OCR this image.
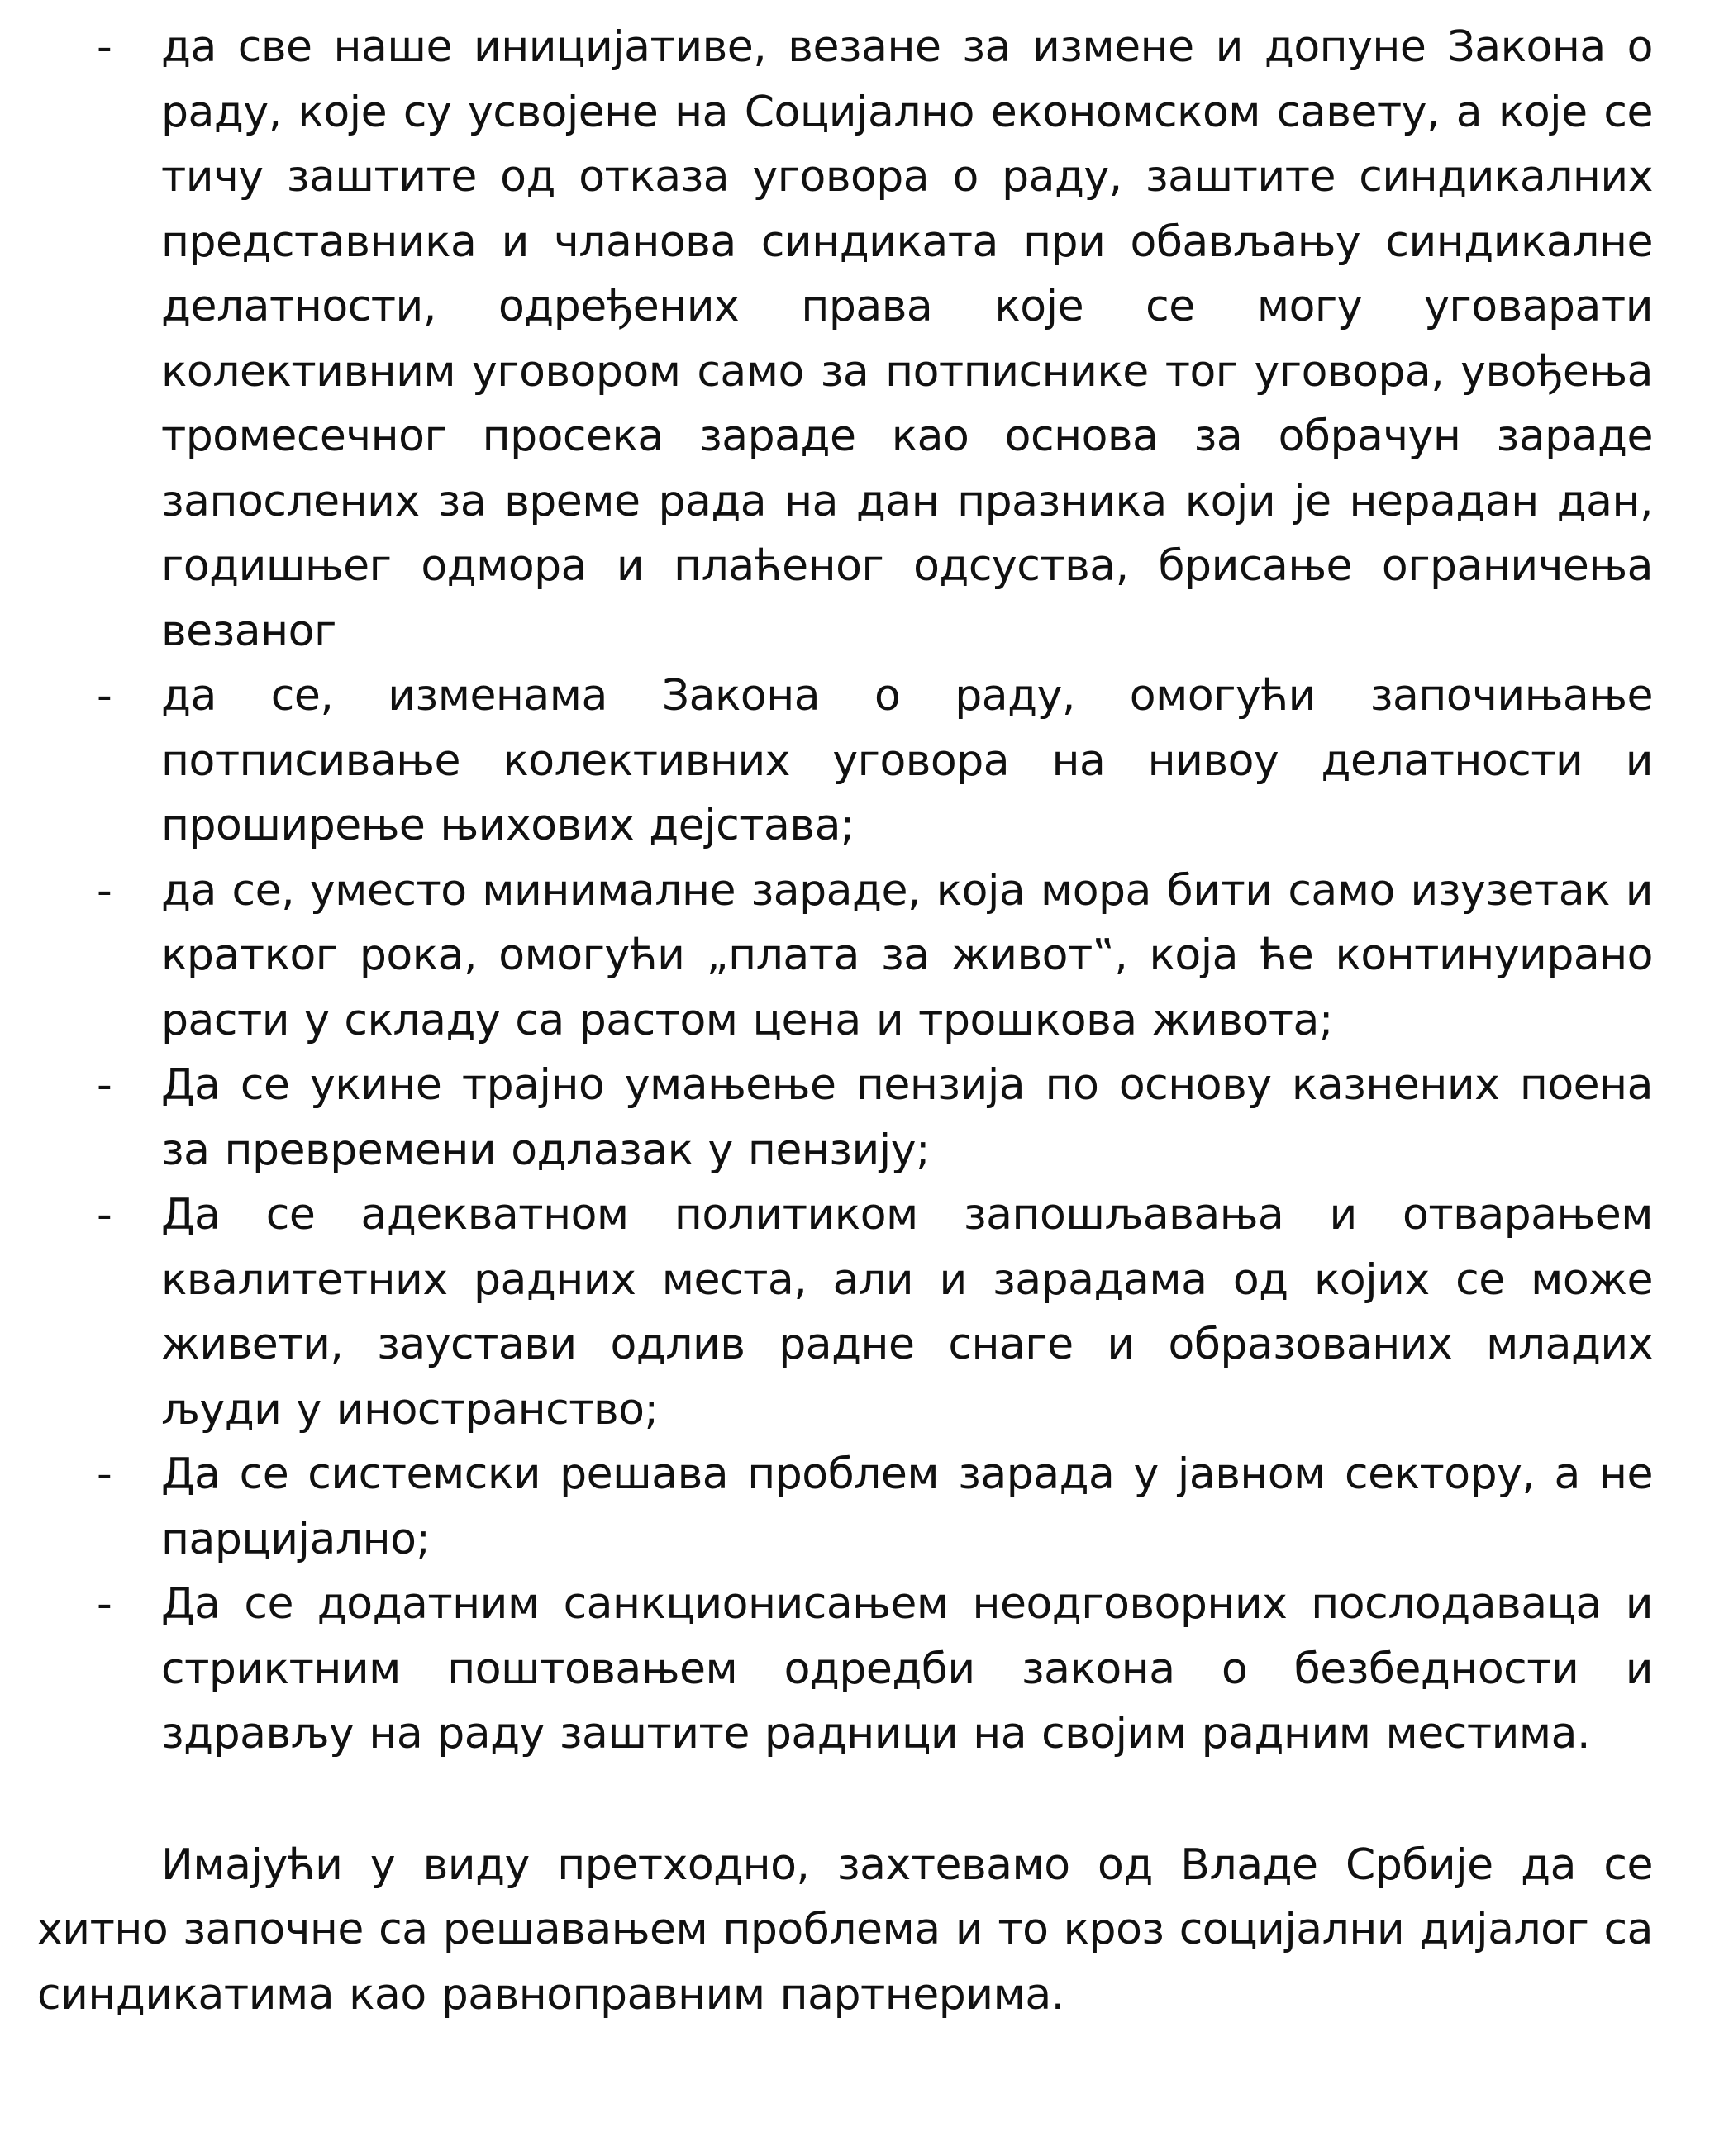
-	да све наше иницијативе, везане за измене и допуне Закона о раду, које су усвојене на Социјално економском савету, а које се тичу заштите од отказа уговора о раду, заштите синдикалних представника и чланова синдиката при обављању синдикалне делатности, одређених права које се могу уговарати колективним уговором само за потписнике тог уговора, увођења тромесечног просека зараде као основа за обрачун зараде запослених за време рада на дан празника који је нерадан дан, годишњег одмора и плаћеног одсуства, брисање ограничења везаног
-	да се, изменама Закона о раду, омогући започињање потписивање колективних уговора на нивоу делатности и проширење њихових дејстава;
-	да се, уместо минималне зараде, која мора бити само изузетак и кратког рока, омогући „плата за живот‟, која ће континуирано расти у складу са растом цена и трошкова живота;
-	Да се укине трајно умањење пензија по основу казнених поена за превремени одлазак у пензију;
-	Да се адекватном политиком запошљавања и отварањем квалитетних радних места, али и зарадама од којих се може живети, заустави одлив радне снаге и образованих младих људи у иностранство;
-	Да се системски решава проблем зарада у јавном сектору, а не парцијално;
-	Да се додатним санкционисањем неодговорних послодаваца и стриктним поштовањем одредби закона о безбедности и здрављу на раду заштите радници на својим радним местима.

Имајући у виду претходно, захтевамо од Владе Србије да се хитно започне са решавањем проблема и то кроз социјални дијалог са синдикатима као равноправним партнерима.
